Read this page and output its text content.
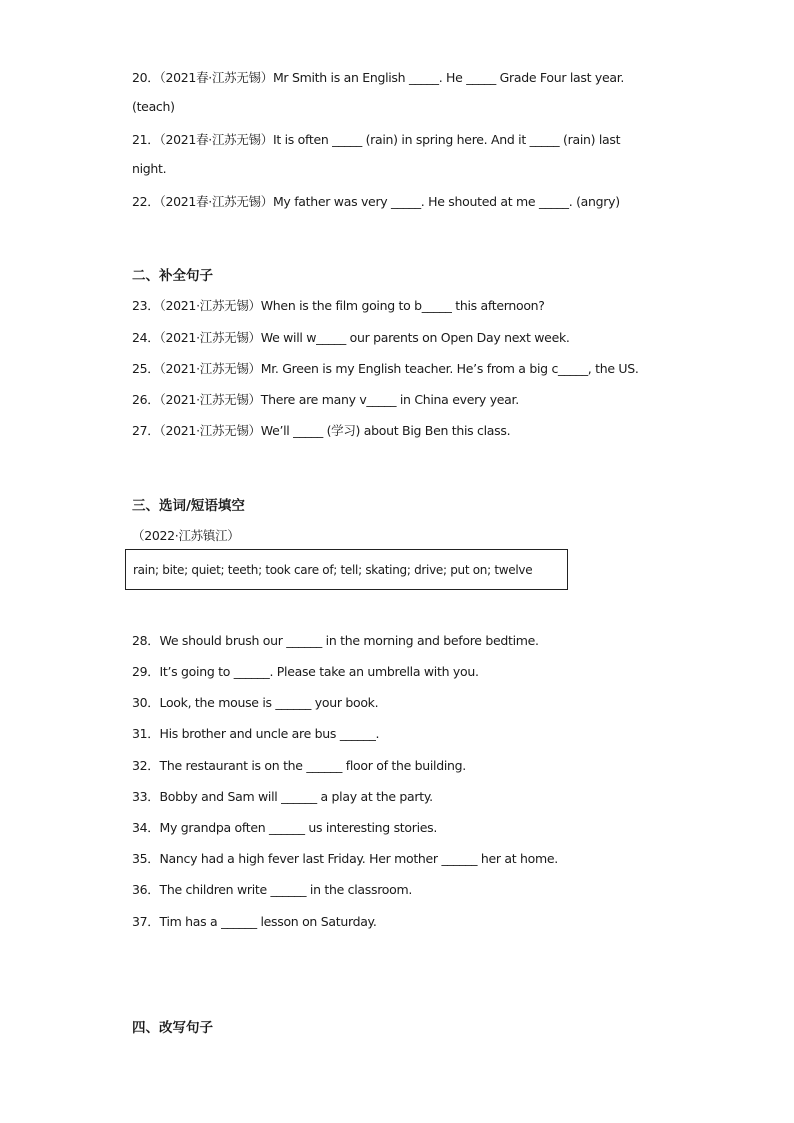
20．（2021春·江苏无锡）Mr Smith is an English _____. He _____ Grade Four last year.
(teach)
21．（2021春·江苏无锡）It is often _____ (rain) in spring here. And it _____ (rain) last
night.
22．（2021春·江苏无锡）My father was very _____. He shouted at me _____. (angry)
二、补全句子
23．（2021·江苏无锡）When is the film going to b_____ this afternoon?
24．（2021·江苏无锡）We will w_____ our parents on Open Day next week.
25．（2021·江苏无锡）Mr. Green is my English teacher. He’s from a big c_____, the US.
26．（2021·江苏无锡）There are many v_____ in China every year.
27．（2021·江苏无锡）We’ll _____ (学习) about Big Ben this class.
三、选词/短语填空
（2022·江苏镇江）
rain; bite; quiet; teeth; took care of; tell; skating; drive; put on; twelve
28．We should brush our ______ in the morning and before bedtime.
29．It’s going to ______. Please take an umbrella with you.
30．Look, the mouse is ______ your book.
31．His brother and uncle are bus ______.
32．The restaurant is on the ______ floor of the building.
33．Bobby and Sam will ______ a play at the party.
34．My grandpa often ______ us interesting stories.
35．Nancy had a high fever last Friday. Her mother ______ her at home.
36．The children write ______ in the classroom.
37．Tim has a ______ lesson on Saturday.
四、改写句子
